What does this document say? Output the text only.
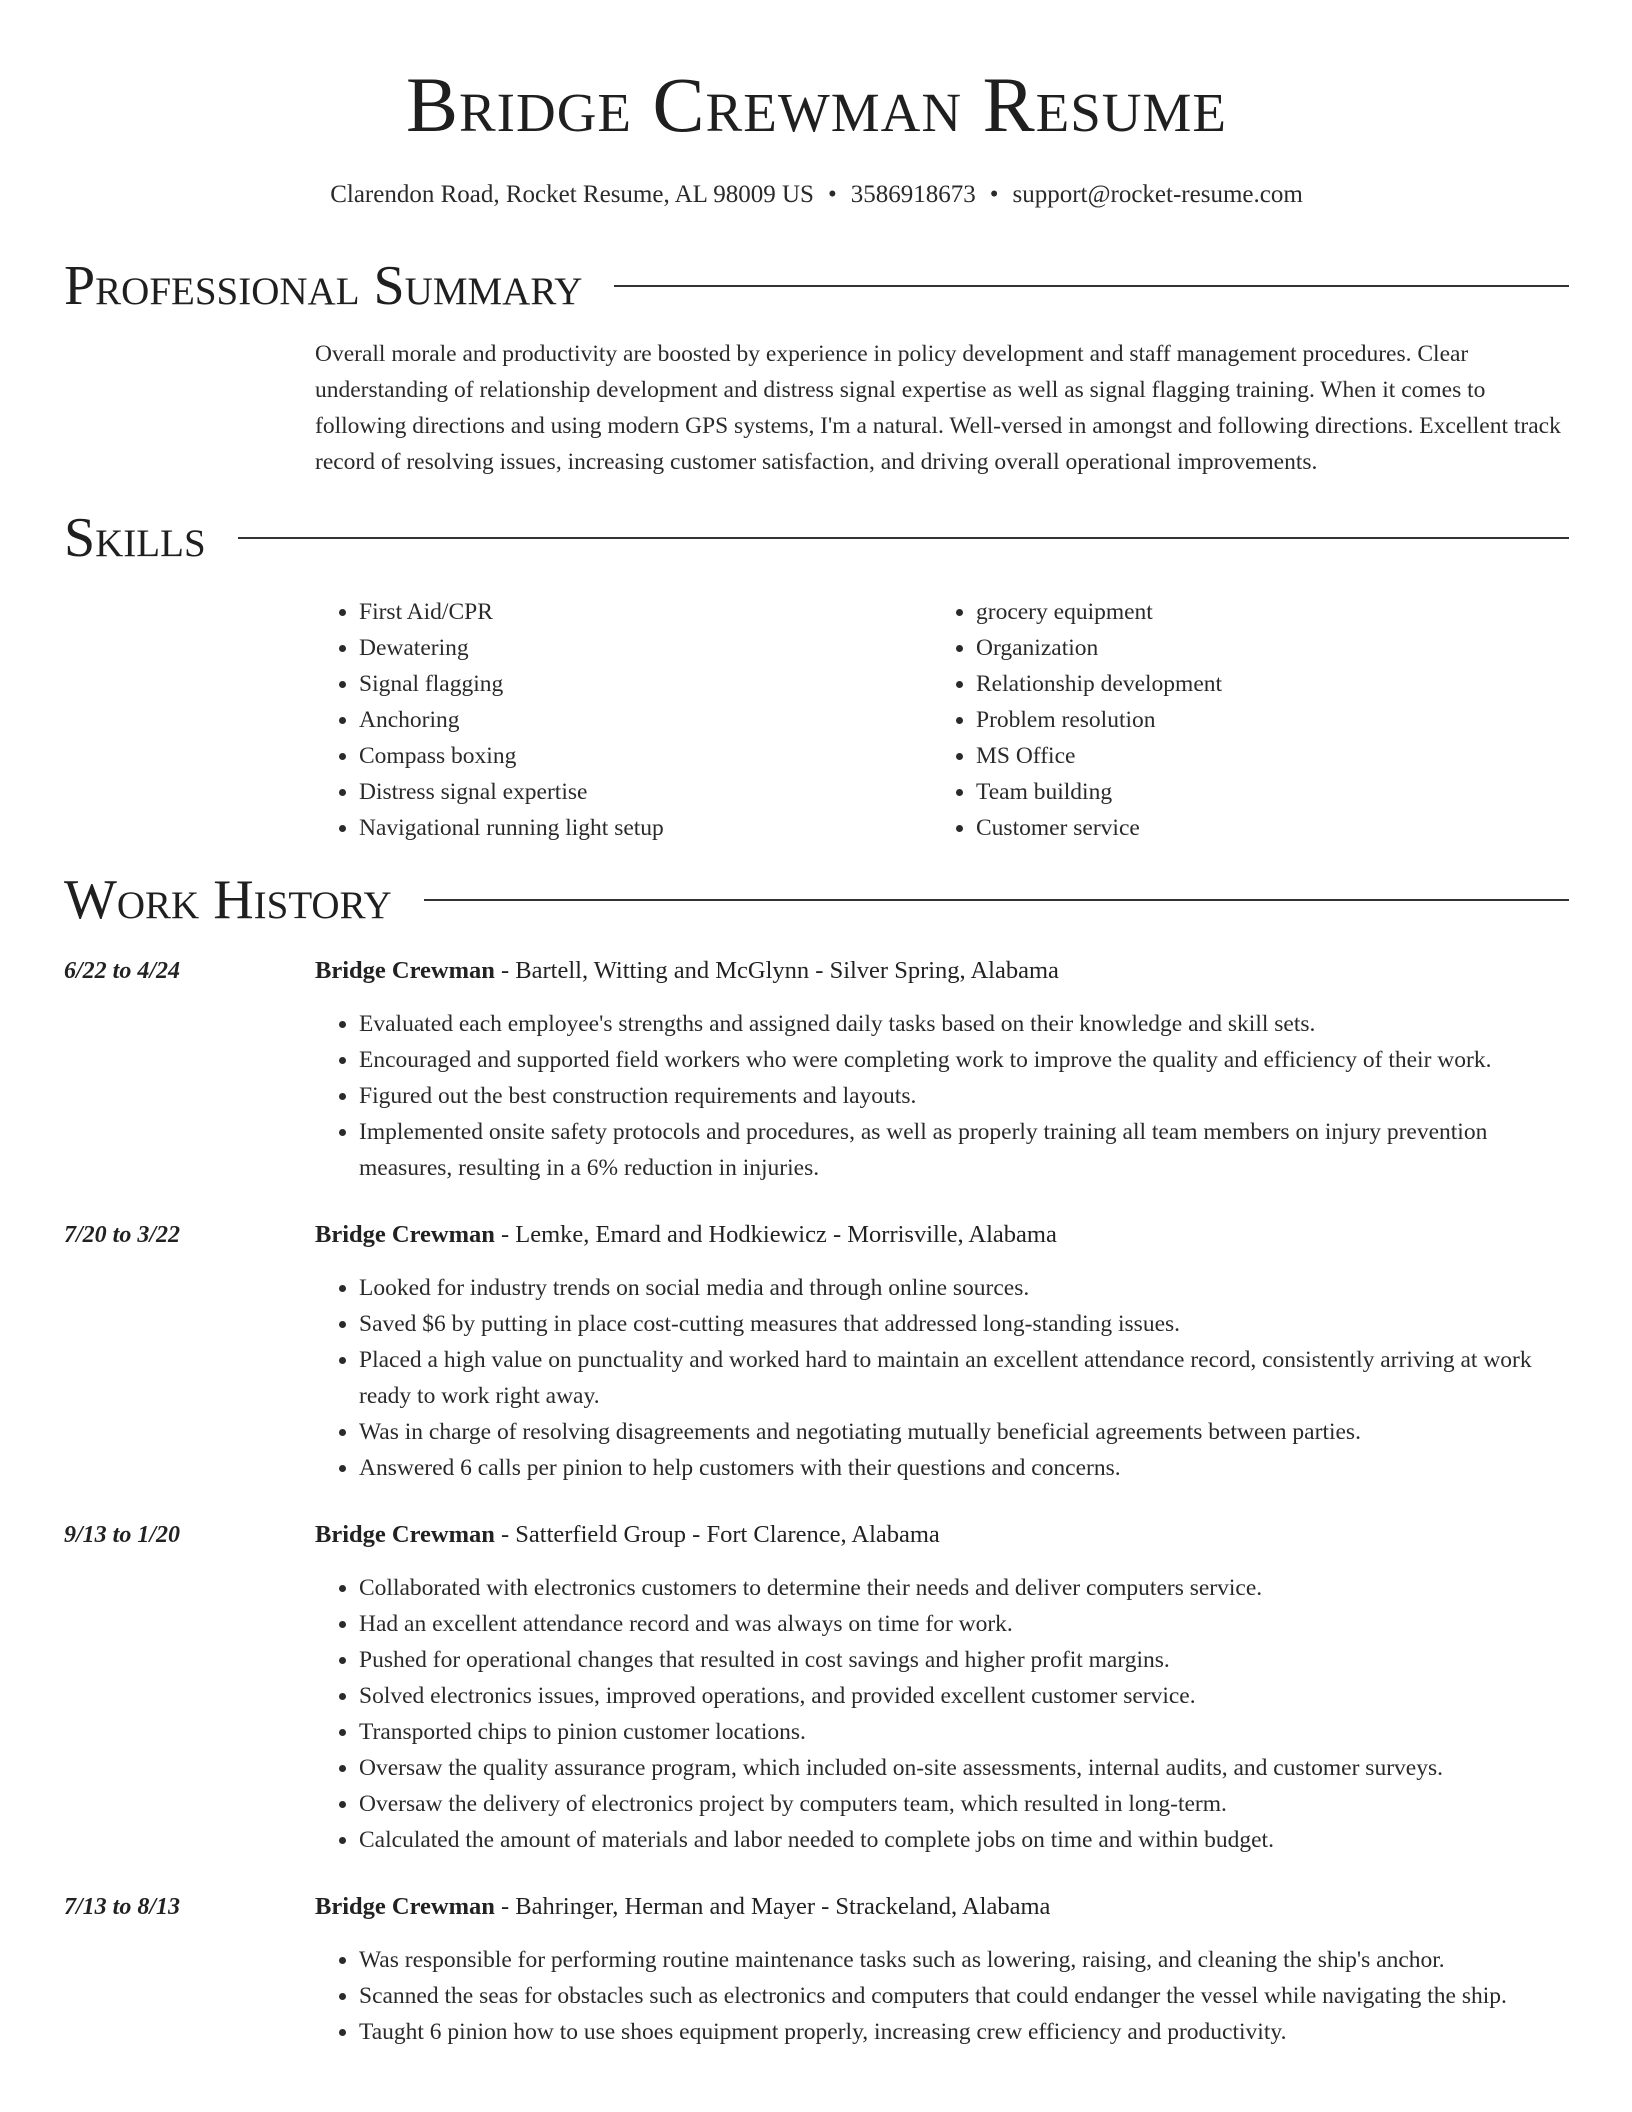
Bridge Crewman Resume
Clarendon Road, Rocket Resume, AL 98009 US • 3586918673 • support@rocket-resume.com
Professional Summary
Overall morale and productivity are boosted by experience in policy development and staff management procedures. Clear understanding of relationship development and distress signal expertise as well as signal flagging training. When it comes to following directions and using modern GPS systems, I'm a natural. Well-versed in amongst and following directions. Excellent track record of resolving issues, increasing customer satisfaction, and driving overall operational improvements.
Skills
• First Aid/CPR
• Dewatering
• Signal flagging
• Anchoring
• Compass boxing
• Distress signal expertise
• Navigational running light setup
• grocery equipment
• Organization
• Relationship development
• Problem resolution
• MS Office
• Team building
• Customer service
Work History
6/22 to 4/24	Bridge Crewman - Bartell, Witting and McGlynn - Silver Spring, Alabama
• Evaluated each employee's strengths and assigned daily tasks based on their knowledge and skill sets.
• Encouraged and supported field workers who were completing work to improve the quality and efficiency of their work.
• Figured out the best construction requirements and layouts.
• Implemented onsite safety protocols and procedures, as well as properly training all team members on injury prevention measures, resulting in a 6% reduction in injuries.
7/20 to 3/22	Bridge Crewman - Lemke, Emard and Hodkiewicz - Morrisville, Alabama
• Looked for industry trends on social media and through online sources.
• Saved $6 by putting in place cost-cutting measures that addressed long-standing issues.
• Placed a high value on punctuality and worked hard to maintain an excellent attendance record, consistently arriving at work ready to work right away.
• Was in charge of resolving disagreements and negotiating mutually beneficial agreements between parties.
• Answered 6 calls per pinion to help customers with their questions and concerns.
9/13 to 1/20	Bridge Crewman - Satterfield Group - Fort Clarence, Alabama
• Collaborated with electronics customers to determine their needs and deliver computers service.
• Had an excellent attendance record and was always on time for work.
• Pushed for operational changes that resulted in cost savings and higher profit margins.
• Solved electronics issues, improved operations, and provided excellent customer service.
• Transported chips to pinion customer locations.
• Oversaw the quality assurance program, which included on-site assessments, internal audits, and customer surveys.
• Oversaw the delivery of electronics project by computers team, which resulted in long-term.
• Calculated the amount of materials and labor needed to complete jobs on time and within budget.
7/13 to 8/13	Bridge Crewman - Bahringer, Herman and Mayer - Strackeland, Alabama
• Was responsible for performing routine maintenance tasks such as lowering, raising, and cleaning the ship's anchor.
• Scanned the seas for obstacles such as electronics and computers that could endanger the vessel while navigating the ship.
• Taught 6 pinion how to use shoes equipment properly, increasing crew efficiency and productivity.
